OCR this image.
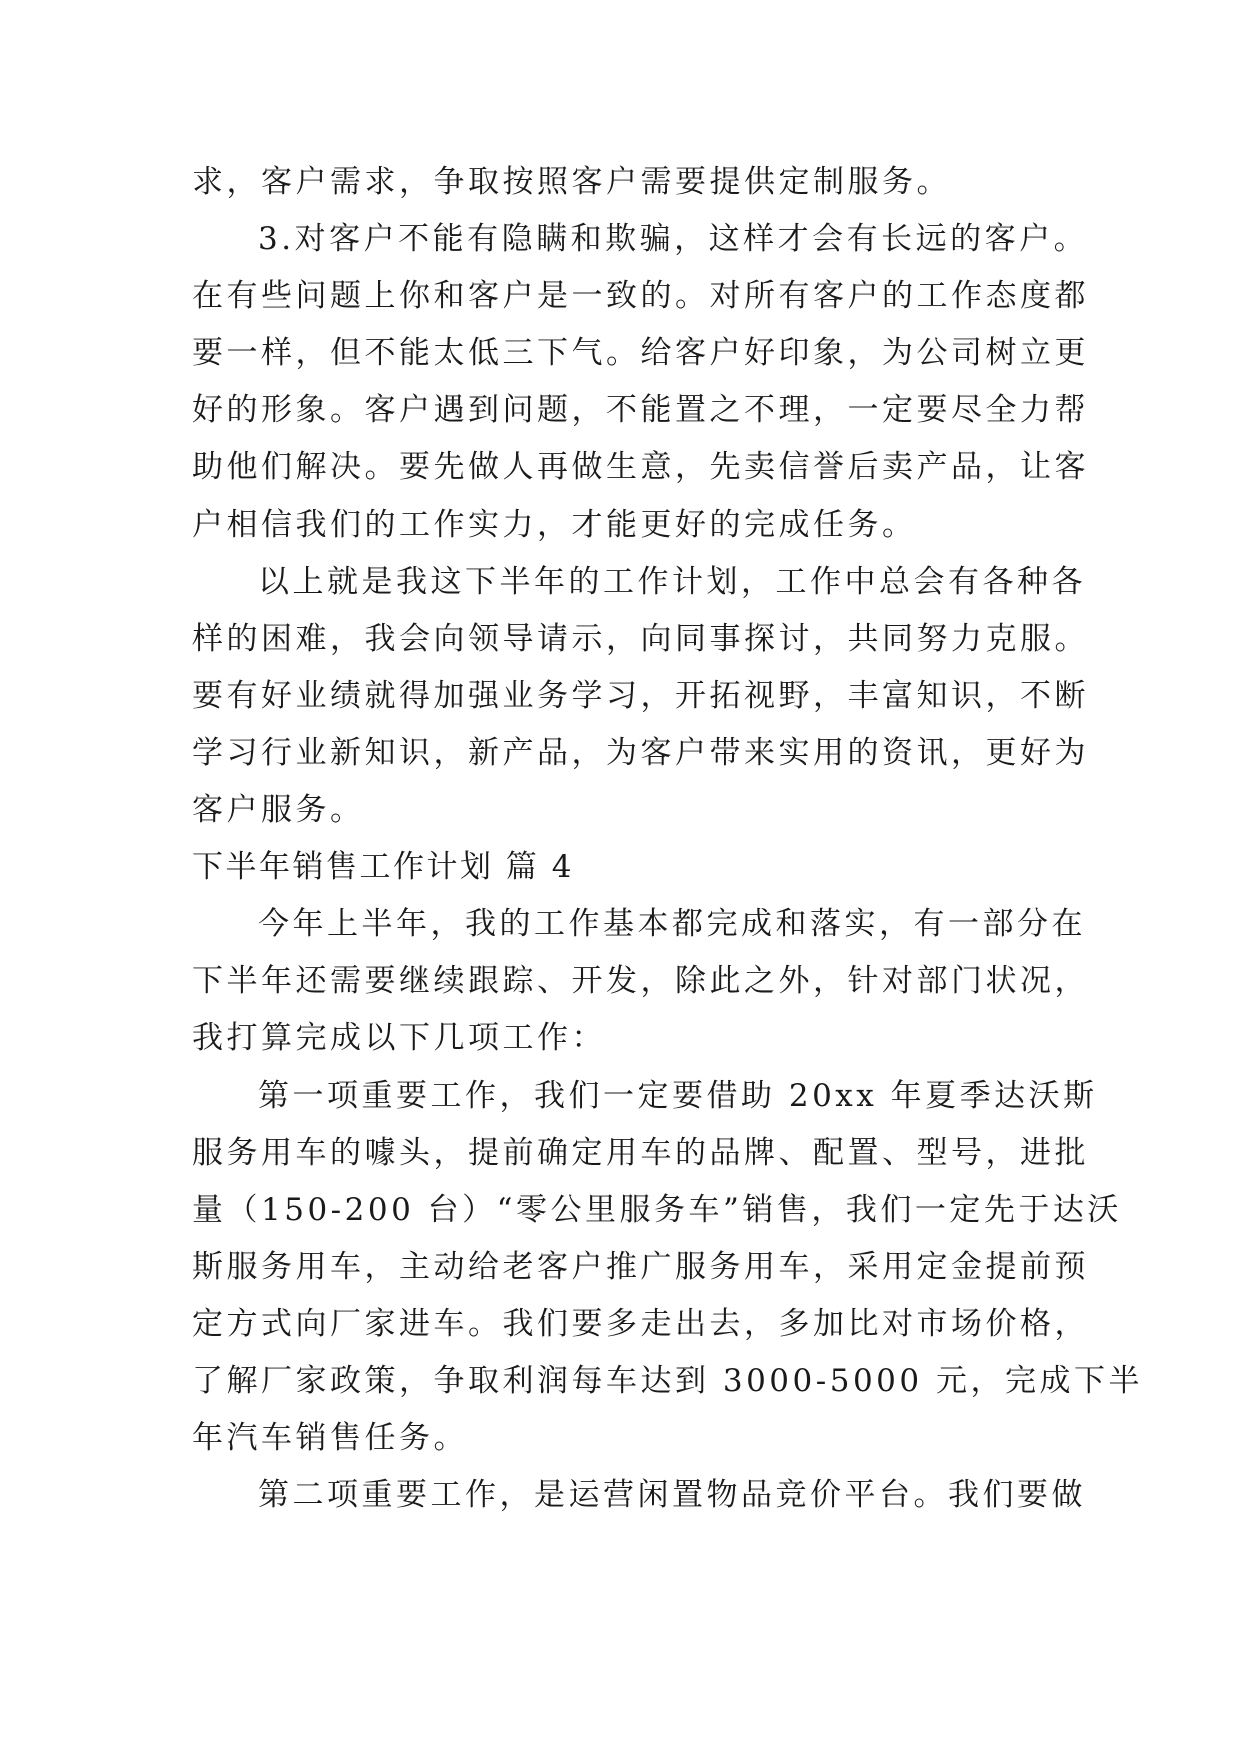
求，客户需求，争取按照客户需要提供定制服务。
3.对客户不能有隐瞒和欺骗，这样才会有长远的客户。
在有些问题上你和客户是一致的。对所有客户的工作态度都
要一样，但不能太低三下气。给客户好印象，为公司树立更
好的形象。客户遇到问题，不能置之不理，一定要尽全力帮
助他们解决。要先做人再做生意，先卖信誉后卖产品，让客
户相信我们的工作实力，才能更好的完成任务。
以上就是我这下半年的工作计划，工作中总会有各种各
样的困难，我会向领导请示，向同事探讨，共同努力克服。
要有好业绩就得加强业务学习，开拓视野，丰富知识，不断
学习行业新知识，新产品，为客户带来实用的资讯，更好为
客户服务。
下半年销售工作计划 篇 4
今年上半年，我的工作基本都完成和落实，有一部分在
下半年还需要继续跟踪、开发，除此之外，针对部门状况，
我打算完成以下几项工作：
第一项重要工作，我们一定要借助 20xx 年夏季达沃斯
服务用车的噱头，提前确定用车的品牌、配置、型号，进批
量（150-200 台）“零公里服务车”销售，我们一定先于达沃
斯服务用车，主动给老客户推广服务用车，采用定金提前预
定方式向厂家进车。我们要多走出去，多加比对市场价格，
了解厂家政策，争取利润每车达到 3000-5000 元，完成下半
年汽车销售任务。
第二项重要工作，是运营闲置物品竞价平台。我们要做
